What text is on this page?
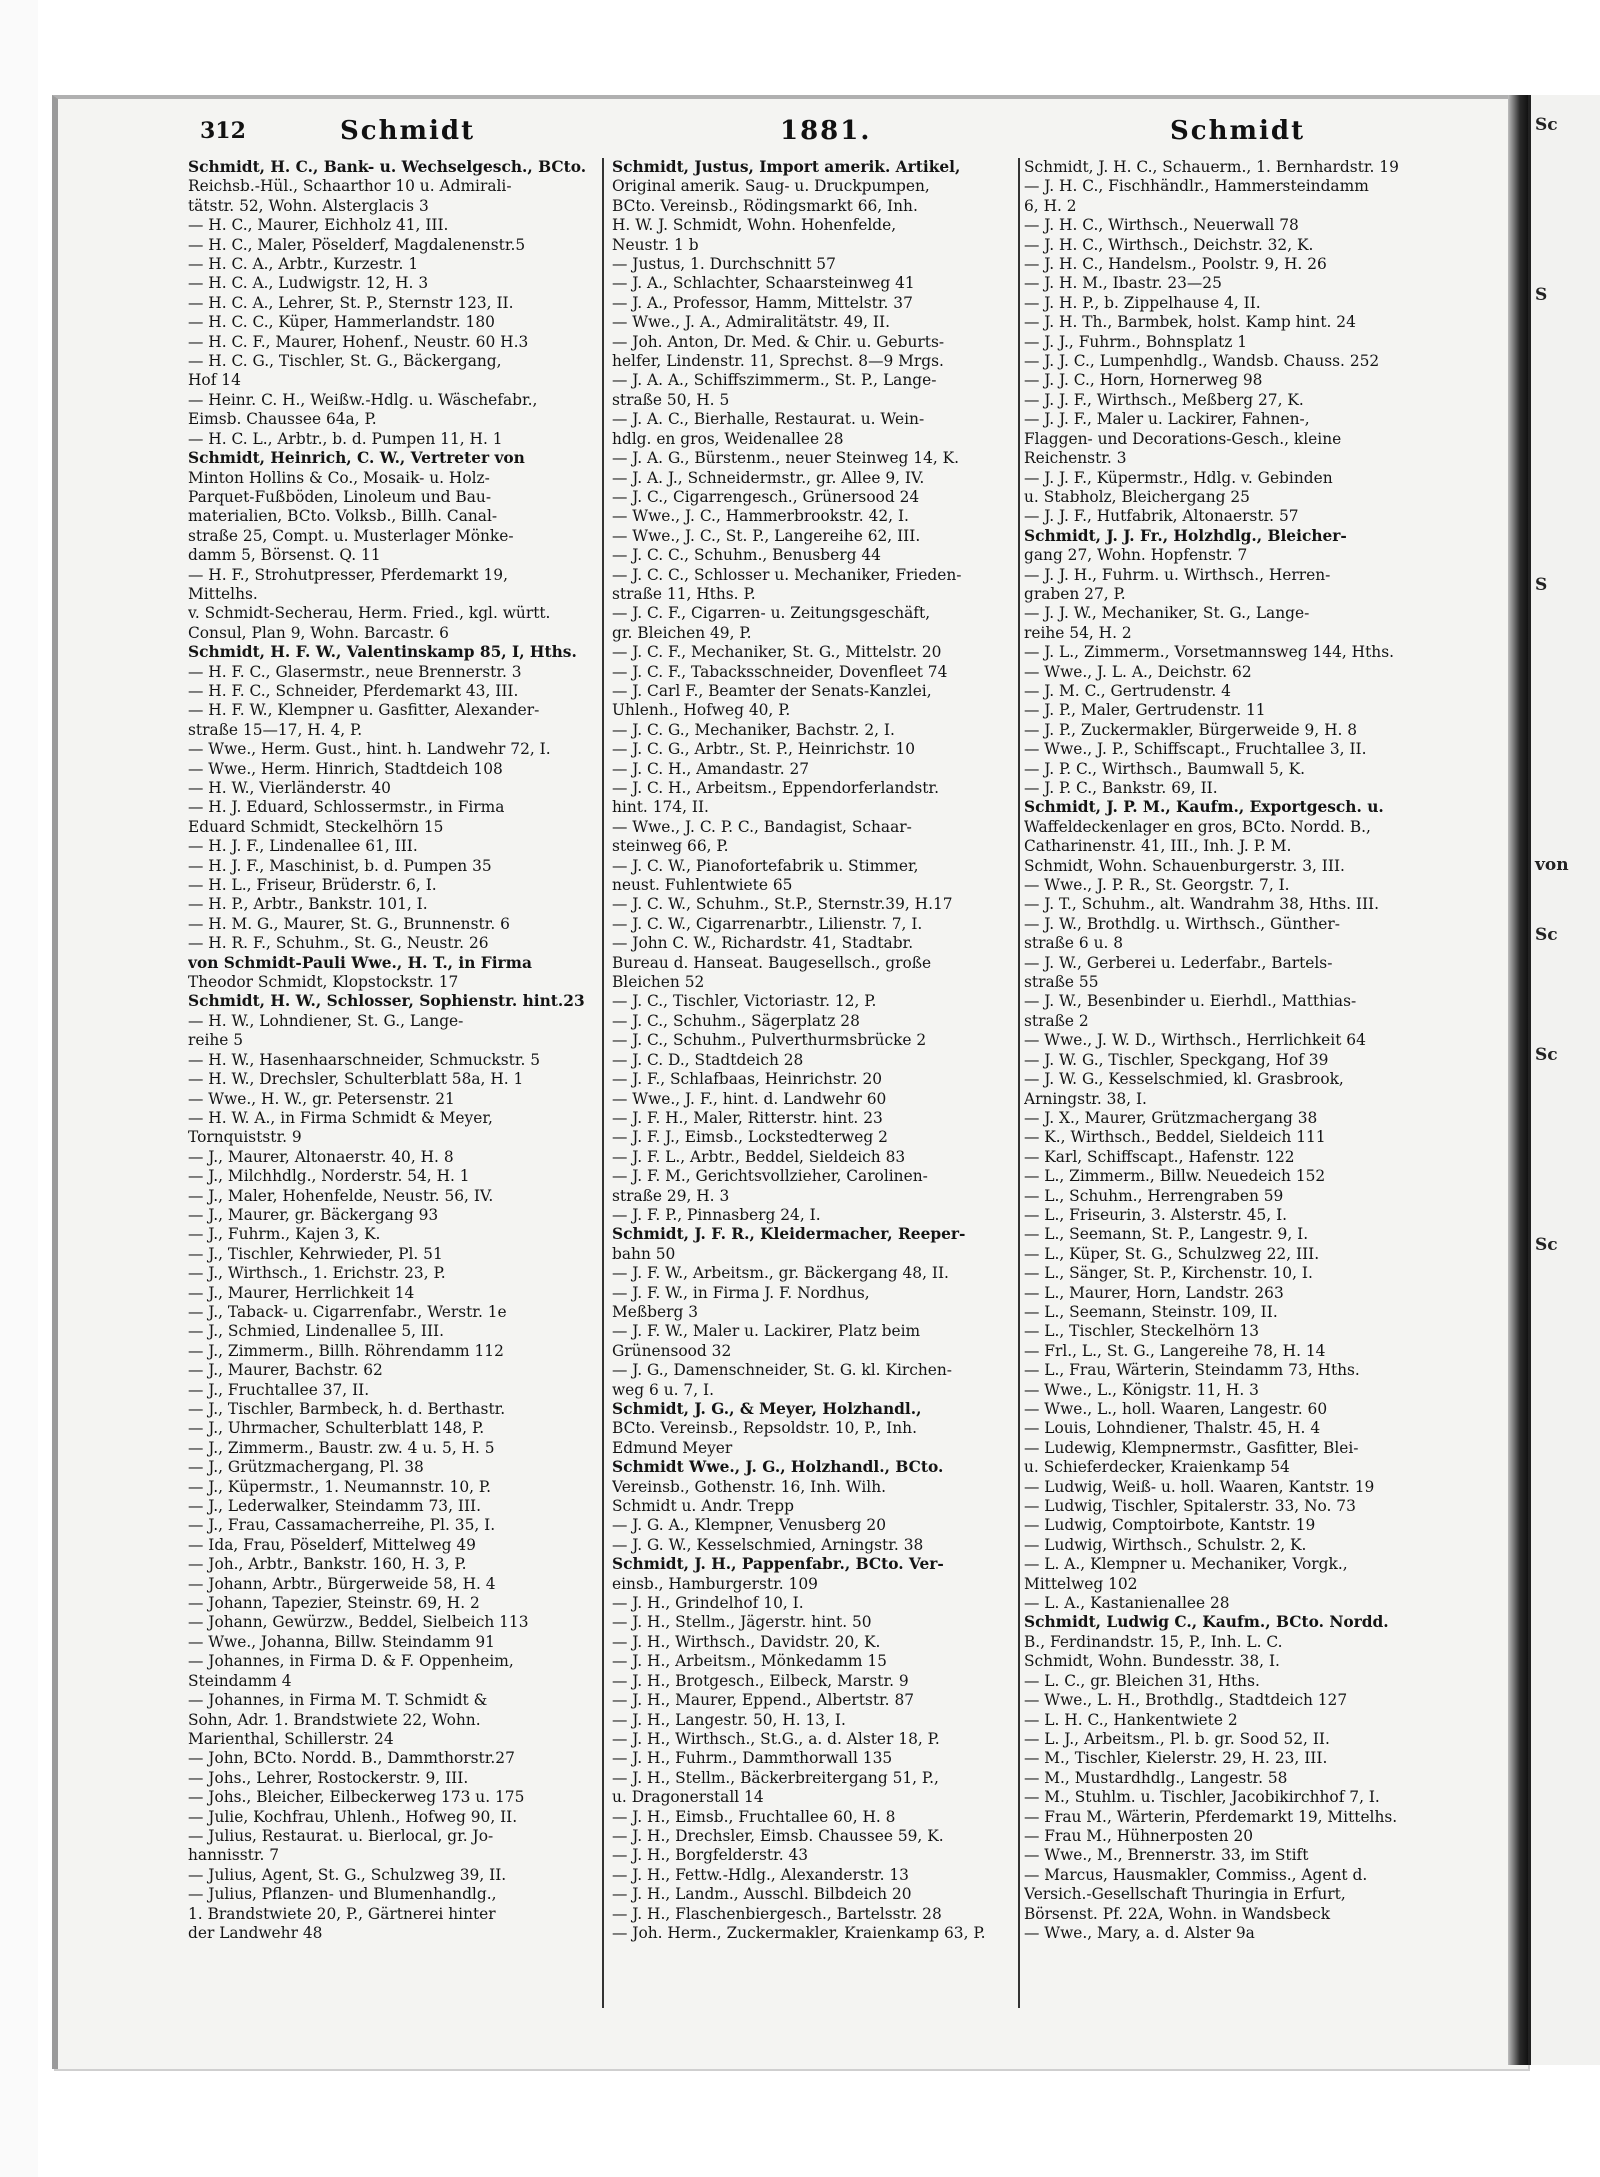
Sc
S
S
von
Sc
Sc
Sc
312	Schmidt	1881.	Schmidt
Schmidt, H. C., Bank- u. Wechselgesch., BCto.
Reichsb.-Hül., Schaarthor 10 u. Admirali-
tätstr. 52, Wohn. Alsterglacis 3
— H. C., Maurer, Eichholz 41, III.
— H. C., Maler, Pöselderf, Magdalenenstr.5
— H. C. A., Arbtr., Kurzestr. 1
— H. C. A., Ludwigstr. 12, H. 3
— H. C. A., Lehrer, St. P., Sternstr 123, II.
— H. C. C., Küper, Hammerlandstr. 180
— H. C. F., Maurer, Hohenf., Neustr. 60 H.3
— H. C. G., Tischler, St. G., Bäckergang,
Hof 14
— Heinr. C. H., Weißw.-Hdlg. u. Wäschefabr.,
Eimsb. Chaussee 64a, P.
— H. C. L., Arbtr., b. d. Pumpen 11, H. 1
Schmidt, Heinrich, C. W., Vertreter von
Minton Hollins & Co., Mosaik- u. Holz-
Parquet-Fußböden, Linoleum und Bau-
materialien, BCto. Volksb., Billh. Canal-
straße 25, Compt. u. Musterlager Mönke-
damm 5, Börsenst. Q. 11
— H. F., Strohutpresser, Pferdemarkt 19,
Mittelhs.
v. Schmidt-Secherau, Herm. Fried., kgl. württ.
Consul, Plan 9, Wohn. Barcastr. 6
Schmidt, H. F. W., Valentinskamp 85, I, Hths.
— H. F. C., Glasermstr., neue Brennerstr. 3
— H. F. C., Schneider, Pferdemarkt 43, III.
— H. F. W., Klempner u. Gasfitter, Alexander-
straße 15—17, H. 4, P.
— Wwe., Herm. Gust., hint. h. Landwehr 72, I.
— Wwe., Herm. Hinrich, Stadtdeich 108
— H. W., Vierländerstr. 40
— H. J. Eduard, Schlossermstr., in Firma
Eduard Schmidt, Steckelhörn 15
— H. J. F., Lindenallee 61, III.
— H. J. F., Maschinist, b. d. Pumpen 35
— H. L., Friseur, Brüderstr. 6, I.
— H. P., Arbtr., Bankstr. 101, I.
— H. M. G., Maurer, St. G., Brunnenstr. 6
— H. R. F., Schuhm., St. G., Neustr. 26
von Schmidt-Pauli Wwe., H. T., in Firma
Theodor Schmidt, Klopstockstr. 17
Schmidt, H. W., Schlosser, Sophienstr. hint.23
— H. W., Lohndiener, St. G., Lange-
reihe 5
— H. W., Hasenhaarschneider, Schmuckstr. 5
— H. W., Drechsler, Schulterblatt 58a, H. 1
— Wwe., H. W., gr. Petersenstr. 21
— H. W. A., in Firma Schmidt & Meyer,
Tornquiststr. 9
— J., Maurer, Altonaerstr. 40, H. 8
— J., Milchhdlg., Norderstr. 54, H. 1
— J., Maler, Hohenfelde, Neustr. 56, IV.
— J., Maurer, gr. Bäckergang 93
— J., Fuhrm., Kajen 3, K.
— J., Tischler, Kehrwieder, Pl. 51
— J., Wirthsch., 1. Erichstr. 23, P.
— J., Maurer, Herrlichkeit 14
— J., Taback- u. Cigarrenfabr., Werstr. 1e
— J., Schmied, Lindenallee 5, III.
— J., Zimmerm., Billh. Röhrendamm 112
— J., Maurer, Bachstr. 62
— J., Fruchtallee 37, II.
— J., Tischler, Barmbeck, h. d. Berthastr.
— J., Uhrmacher, Schulterblatt 148, P.
— J., Zimmerm., Baustr. zw. 4 u. 5, H. 5
— J., Grützmachergang, Pl. 38
— J., Küpermstr., 1. Neumannstr. 10, P.
— J., Lederwalker, Steindamm 73, III.
— J., Frau, Cassamacherreihe, Pl. 35, I.
— Ida, Frau, Pöselderf, Mittelweg 49
— Joh., Arbtr., Bankstr. 160, H. 3, P.
— Johann, Arbtr., Bürgerweide 58, H. 4
— Johann, Tapezier, Steinstr. 69, H. 2
— Johann, Gewürzw., Beddel, Sielbeich 113
— Wwe., Johanna, Billw. Steindamm 91
— Johannes, in Firma D. & F. Oppenheim,
Steindamm 4
— Johannes, in Firma M. T. Schmidt &
Sohn, Adr. 1. Brandstwiete 22, Wohn.
Marienthal, Schillerstr. 24
— John, BCto. Nordd. B., Dammthorstr.27
— Johs., Lehrer, Rostockerstr. 9, III.
— Johs., Bleicher, Eilbeckerweg 173 u. 175
— Julie, Kochfrau, Uhlenh., Hofweg 90, II.
— Julius, Restaurat. u. Bierlocal, gr. Jo-
hannisstr. 7
— Julius, Agent, St. G., Schulzweg 39, II.
— Julius, Pflanzen- und Blumenhandlg.,
1. Brandstwiete 20, P., Gärtnerei hinter
der Landwehr 48
Schmidt, Justus, Import amerik. Artikel,
Original amerik. Saug- u. Druckpumpen,
BCto. Vereinsb., Rödingsmarkt 66, Inh.
H. W. J. Schmidt, Wohn. Hohenfelde,
Neustr. 1 b
— Justus, 1. Durchschnitt 57
— J. A., Schlachter, Schaarsteinweg 41
— J. A., Professor, Hamm, Mittelstr. 37
— Wwe., J. A., Admiralitätstr. 49, II.
— Joh. Anton, Dr. Med. & Chir. u. Geburts-
helfer, Lindenstr. 11, Sprechst. 8—9 Mrgs.
— J. A. A., Schiffszimmerm., St. P., Lange-
straße 50, H. 5
— J. A. C., Bierhalle, Restaurat. u. Wein-
hdlg. en gros, Weidenallee 28
— J. A. G., Bürstenm., neuer Steinweg 14, K.
— J. A. J., Schneidermstr., gr. Allee 9, IV.
— J. C., Cigarrengesch., Grünersood 24
— Wwe., J. C., Hammerbrookstr. 42, I.
— Wwe., J. C., St. P., Langereihe 62, III.
— J. C. C., Schuhm., Benusberg 44
— J. C. C., Schlosser u. Mechaniker, Frieden-
straße 11, Hths. P.
— J. C. F., Cigarren- u. Zeitungsgeschäft,
gr. Bleichen 49, P.
— J. C. F., Mechaniker, St. G., Mittelstr. 20
— J. C. F., Tabacksschneider, Dovenfleet 74
— J. Carl F., Beamter der Senats-Kanzlei,
Uhlenh., Hofweg 40, P.
— J. C. G., Mechaniker, Bachstr. 2, I.
— J. C. G., Arbtr., St. P., Heinrichstr. 10
— J. C. H., Amandastr. 27
— J. C. H., Arbeitsm., Eppendorferlandstr.
hint. 174, II.
— Wwe., J. C. P. C., Bandagist, Schaar-
steinweg 66, P.
— J. C. W., Pianofortefabrik u. Stimmer,
neust. Fuhlentwiete 65
— J. C. W., Schuhm., St.P., Sternstr.39, H.17
— J. C. W., Cigarrenarbtr., Lilienstr. 7, I.
— John C. W., Richardstr. 41, Stadtabr.
Bureau d. Hanseat. Baugesellsch., große
Bleichen 52
— J. C., Tischler, Victoriastr. 12, P.
— J. C., Schuhm., Sägerplatz 28
— J. C., Schuhm., Pulverthurmsbrücke 2
— J. C. D., Stadtdeich 28
— J. F., Schlafbaas, Heinrichstr. 20
— Wwe., J. F., hint. d. Landwehr 60
— J. F. H., Maler, Ritterstr. hint. 23
— J. F. J., Eimsb., Lockstedterweg 2
— J. F. L., Arbtr., Beddel, Sieldeich 83
— J. F. M., Gerichtsvollzieher, Carolinen-
straße 29, H. 3
— J. F. P., Pinnasberg 24, I.
Schmidt, J. F. R., Kleidermacher, Reeper-
bahn 50
— J. F. W., Arbeitsm., gr. Bäckergang 48, II.
— J. F. W., in Firma J. F. Nordhus,
Meßberg 3
— J. F. W., Maler u. Lackirer, Platz beim
Grünensood 32
— J. G., Damenschneider, St. G. kl. Kirchen-
weg 6 u. 7, I.
Schmidt, J. G., & Meyer, Holzhandl.,
BCto. Vereinsb., Repsoldstr. 10, P., Inh.
Edmund Meyer
Schmidt Wwe., J. G., Holzhandl., BCto.
Vereinsb., Gothenstr. 16, Inh. Wilh.
Schmidt u. Andr. Trepp
— J. G. A., Klempner, Venusberg 20
— J. G. W., Kesselschmied, Arningstr. 38
Schmidt, J. H., Pappenfabr., BCto. Ver-
einsb., Hamburgerstr. 109
— J. H., Grindelhof 10, I.
— J. H., Stellm., Jägerstr. hint. 50
— J. H., Wirthsch., Davidstr. 20, K.
— J. H., Arbeitsm., Mönkedamm 15
— J. H., Brotgesch., Eilbeck, Marstr. 9
— J. H., Maurer, Eppend., Albertstr. 87
— J. H., Langestr. 50, H. 13, I.
— J. H., Wirthsch., St.G., a. d. Alster 18, P.
— J. H., Fuhrm., Dammthorwall 135
— J. H., Stellm., Bäckerbreitergang 51, P.,
u. Dragonerstall 14
— J. H., Eimsb., Fruchtallee 60, H. 8
— J. H., Drechsler, Eimsb. Chaussee 59, K.
— J. H., Borgfelderstr. 43
— J. H., Fettw.-Hdlg., Alexanderstr. 13
— J. H., Landm., Ausschl. Bilbdeich 20
— J. H., Flaschenbiergesch., Bartelsstr. 28
— Joh. Herm., Zuckermakler, Kraienkamp 63, P.
Schmidt, J. H. C., Schauerm., 1. Bernhardstr. 19
— J. H. C., Fischhändlr., Hammersteindamm
6, H. 2
— J. H. C., Wirthsch., Neuerwall 78
— J. H. C., Wirthsch., Deichstr. 32, K.
— J. H. C., Handelsm., Poolstr. 9, H. 26
— J. H. M., Ibastr. 23—25
— J. H. P., b. Zippelhause 4, II.
— J. H. Th., Barmbek, holst. Kamp hint. 24
— J. J., Fuhrm., Bohnsplatz 1
— J. J. C., Lumpenhdlg., Wandsb. Chauss. 252
— J. J. C., Horn, Hornerweg 98
— J. J. F., Wirthsch., Meßberg 27, K.
— J. J. F., Maler u. Lackirer, Fahnen-,
Flaggen- und Decorations-Gesch., kleine
Reichenstr. 3
— J. J. F., Küpermstr., Hdlg. v. Gebinden
u. Stabholz, Bleichergang 25
— J. J. F., Hutfabrik, Altonaerstr. 57
Schmidt, J. J. Fr., Holzhdlg., Bleicher-
gang 27, Wohn. Hopfenstr. 7
— J. J. H., Fuhrm. u. Wirthsch., Herren-
graben 27, P.
— J. J. W., Mechaniker, St. G., Lange-
reihe 54, H. 2
— J. L., Zimmerm., Vorsetmannsweg 144, Hths.
— Wwe., J. L. A., Deichstr. 62
— J. M. C., Gertrudenstr. 4
— J. P., Maler, Gertrudenstr. 11
— J. P., Zuckermakler, Bürgerweide 9, H. 8
— Wwe., J. P., Schiffscapt., Fruchtallee 3, II.
— J. P. C., Wirthsch., Baumwall 5, K.
— J. P. C., Bankstr. 69, II.
Schmidt, J. P. M., Kaufm., Exportgesch. u.
Waffeldeckenlager en gros, BCto. Nordd. B.,
Catharinenstr. 41, III., Inh. J. P. M.
Schmidt, Wohn. Schauenburgerstr. 3, III.
— Wwe., J. P. R., St. Georgstr. 7, I.
— J. T., Schuhm., alt. Wandrahm 38, Hths. III.
— J. W., Brothdlg. u. Wirthsch., Günther-
straße 6 u. 8
— J. W., Gerberei u. Lederfabr., Bartels-
straße 55
— J. W., Besenbinder u. Eierhdl., Matthias-
straße 2
— Wwe., J. W. D., Wirthsch., Herrlichkeit 64
— J. W. G., Tischler, Speckgang, Hof 39
— J. W. G., Kesselschmied, kl. Grasbrook,
Arningstr. 38, I.
— J. X., Maurer, Grützmachergang 38
— K., Wirthsch., Beddel, Sieldeich 111
— Karl, Schiffscapt., Hafenstr. 122
— L., Zimmerm., Billw. Neuedeich 152
— L., Schuhm., Herrengraben 59
— L., Friseurin, 3. Alsterstr. 45, I.
— L., Seemann, St. P., Langestr. 9, I.
— L., Küper, St. G., Schulzweg 22, III.
— L., Sänger, St. P., Kirchenstr. 10, I.
— L., Maurer, Horn, Landstr. 263
— L., Seemann, Steinstr. 109, II.
— L., Tischler, Steckelhörn 13
— Frl., L., St. G., Langereihe 78, H. 14
— L., Frau, Wärterin, Steindamm 73, Hths.
— Wwe., L., Königstr. 11, H. 3
— Wwe., L., holl. Waaren, Langestr. 60
— Louis, Lohndiener, Thalstr. 45, H. 4
— Ludewig, Klempnermstr., Gasfitter, Blei-
u. Schieferdecker, Kraienkamp 54
— Ludwig, Weiß- u. holl. Waaren, Kantstr. 19
— Ludwig, Tischler, Spitalerstr. 33, No. 73
— Ludwig, Comptoirbote, Kantstr. 19
— Ludwig, Wirthsch., Schulstr. 2, K.
— L. A., Klempner u. Mechaniker, Vorgk.,
Mittelweg 102
— L. A., Kastanienallee 28
Schmidt, Ludwig C., Kaufm., BCto. Nordd.
B., Ferdinandstr. 15, P., Inh. L. C.
Schmidt, Wohn. Bundesstr. 38, I.
— L. C., gr. Bleichen 31, Hths.
— Wwe., L. H., Brothdlg., Stadtdeich 127
— L. H. C., Hankentwiete 2
— L. J., Arbeitsm., Pl. b. gr. Sood 52, II.
— M., Tischler, Kielerstr. 29, H. 23, III.
— M., Mustardhdlg., Langestr. 58
— M., Stuhlm. u. Tischler, Jacobikirchhof 7, I.
— Frau M., Wärterin, Pferdemarkt 19, Mittelhs.
— Frau M., Hühnerposten 20
— Wwe., M., Brennerstr. 33, im Stift
— Marcus, Hausmakler, Commiss., Agent d.
Versich.-Gesellschaft Thuringia in Erfurt,
Börsenst. Pf. 22A, Wohn. in Wandsbeck
— Wwe., Mary, a. d. Alster 9a
